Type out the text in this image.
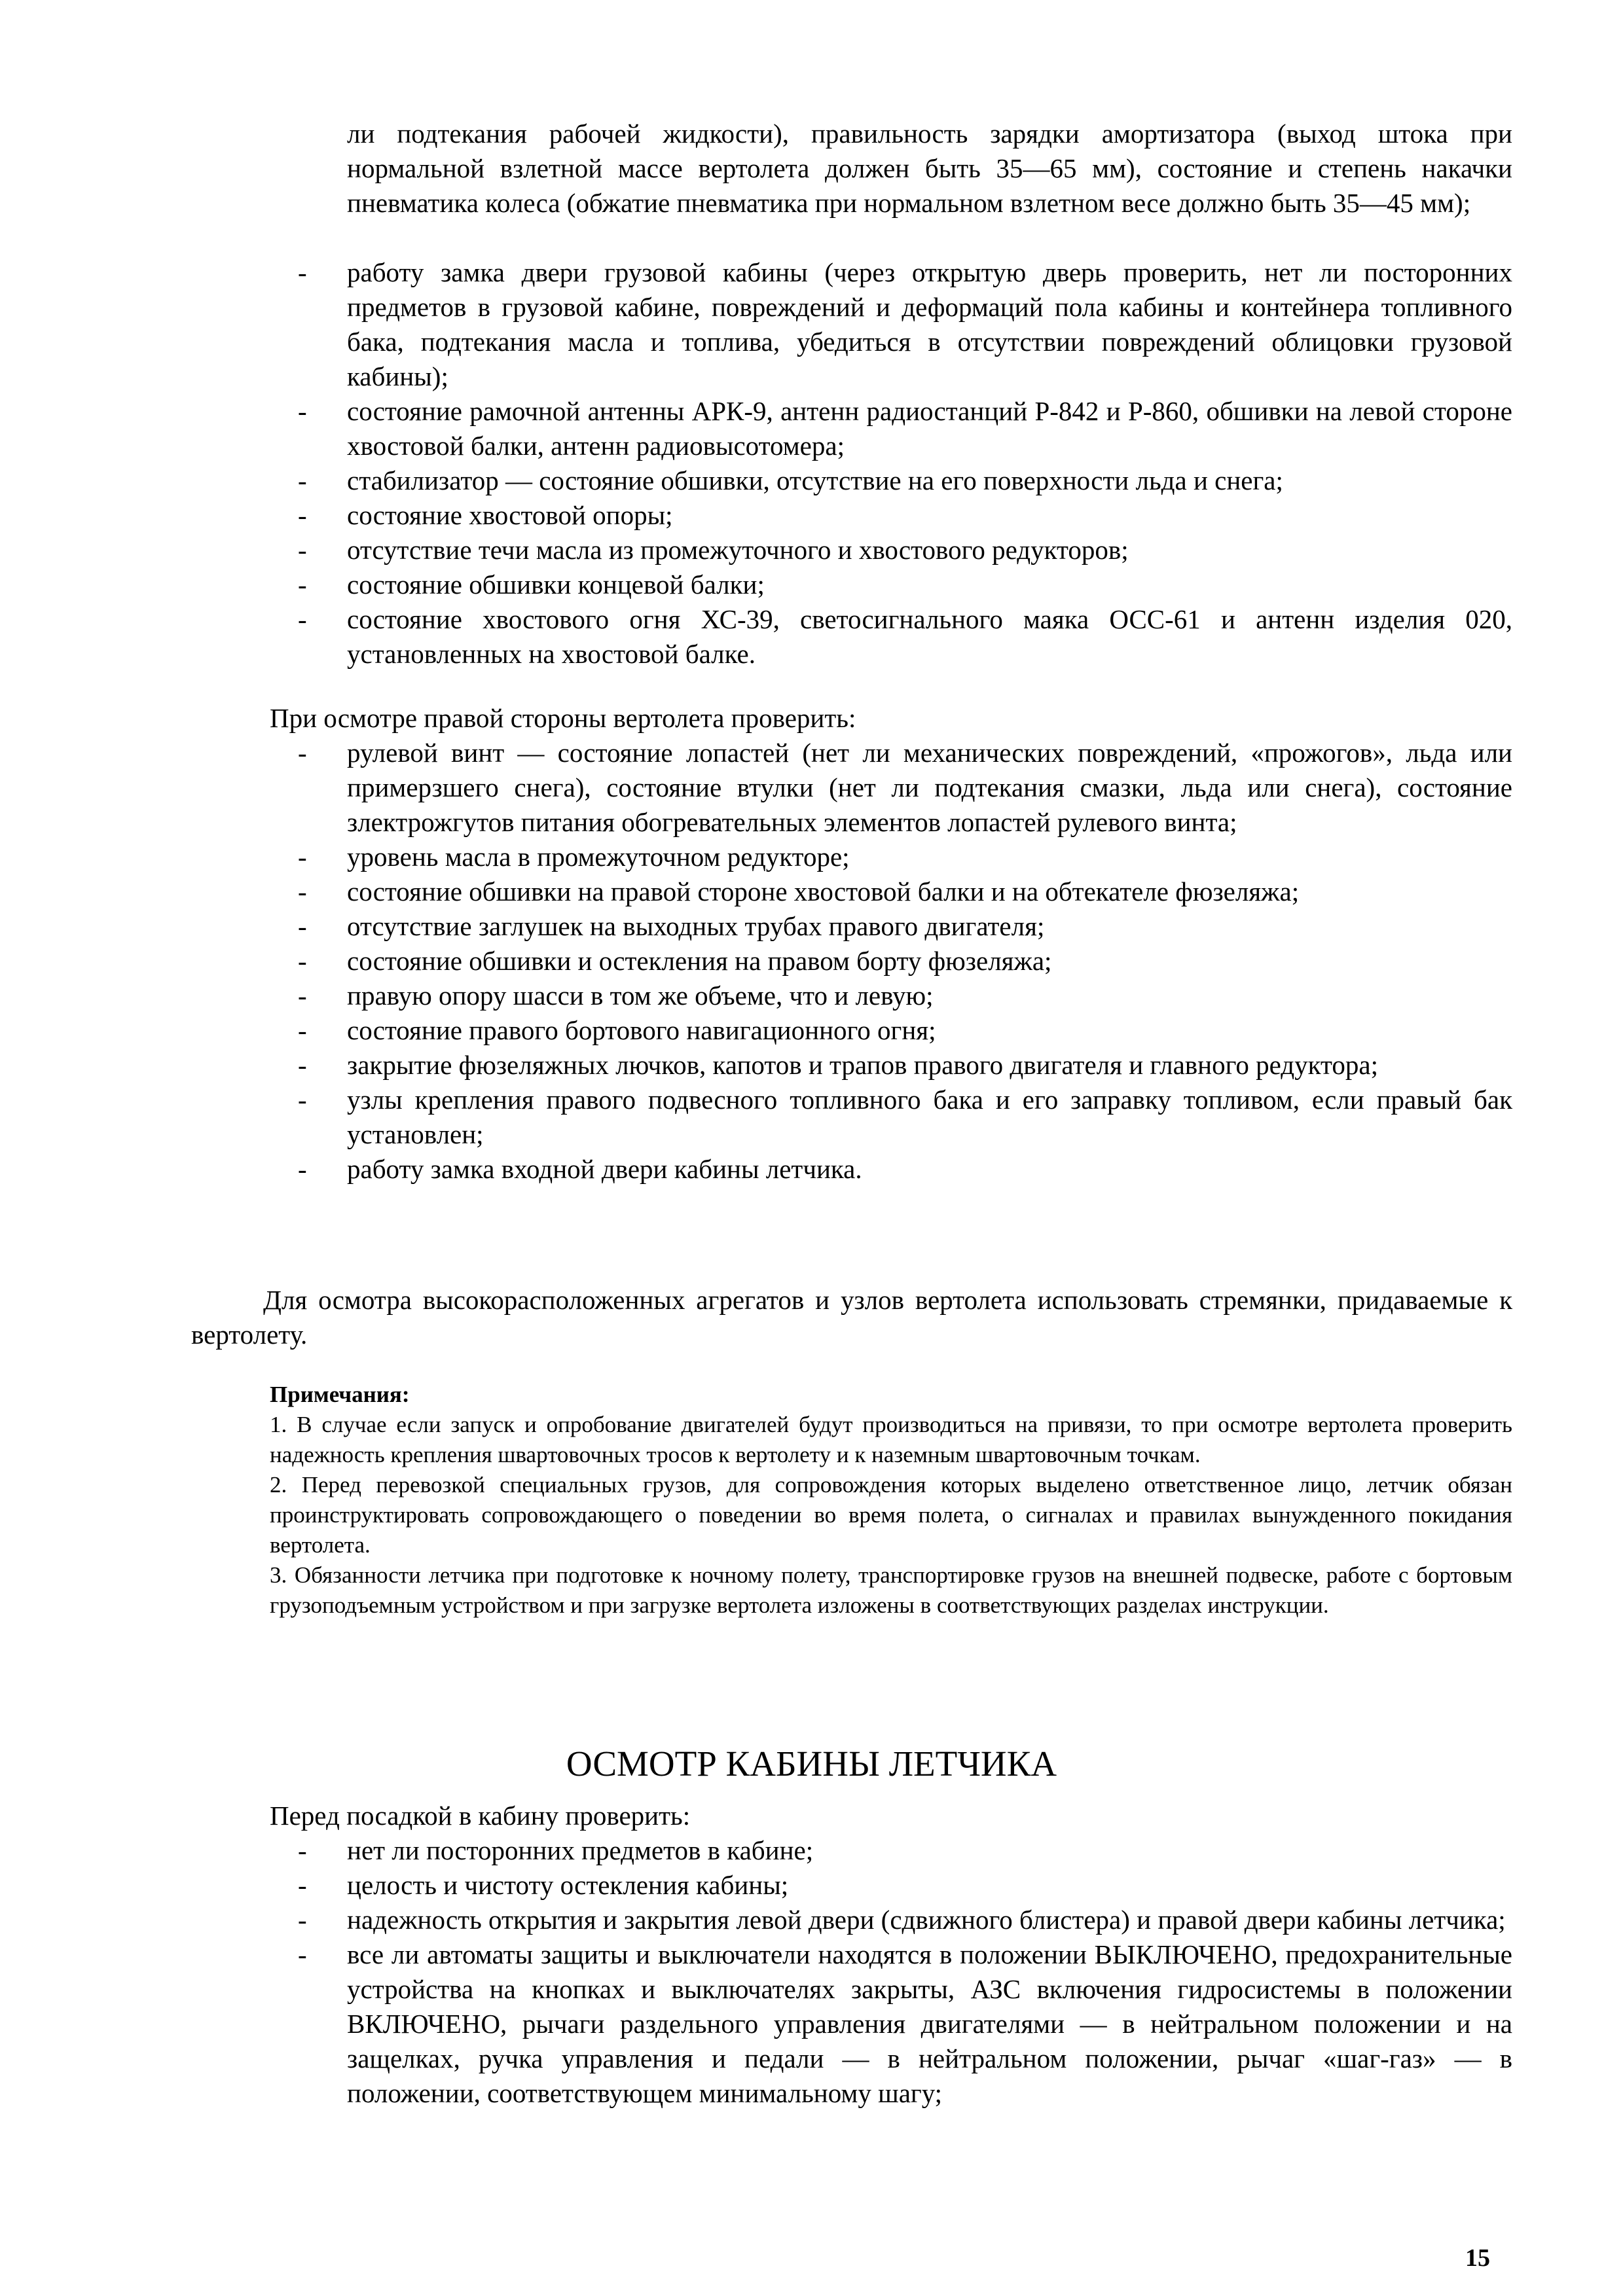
ли подтекания рабочей жидкости), правильность зарядки амортизатора (выход штока при нормальной взлетной массе вертолета должен быть 35—65 мм), состояние и степень накачки пневматика колеса (обжатие пневматика при нормальном взлетном весе должно быть 35—45 мм);

- работу замка двери грузовой кабины (через открытую дверь проверить, нет ли посторонних предметов в грузовой кабине, повреждений и деформаций пола кабины и контейнера топливного бака, подтекания масла и топлива, убедиться в отсутствии повреждений облицовки грузовой кабины);
- состояние рамочной антенны АРК-9, антенн радиостанций Р-842 и Р-860, обшивки на левой стороне хвостовой балки, антенн радиовысотомера;
- стабилизатор — состояние обшивки, отсутствие на его поверхности льда и снега;
- состояние хвостовой опоры;
- отсутствие течи масла из промежуточного и хвостового редукторов;
- состояние обшивки концевой балки;
- состояние хвостового огня ХС-39, светосигнального маяка ОСС-61 и антенн изделия 020, установленных на хвостовой балке.

При осмотре правой стороны вертолета проверить:

- рулевой винт — состояние лопастей (нет ли механических повреждений, «прожогов», льда или примерзшего снега), состояние втулки (нет ли подтекания смазки, льда или снега), состояние злектрожгутов питания обогревательных элементов лопастей рулевого винта;
- уровень масла в промежуточном редукторе;
- состояние обшивки на правой стороне хвостовой балки и на обтекателе фюзеляжа;
- отсутствие заглушек на выходных трубах правого двигателя;
- состояние обшивки и остекления на правом борту фюзеляжа;
- правую опору шасси в том же объеме, что и левую;
- состояние правого бортового навигационного огня;
- закрытие фюзеляжных лючков, капотов и трапов правого двигателя и главного редуктора;
- узлы крепления правого подвесного топливного бака и его заправку топливом, если правый бак установлен;
- работу замка входной двери кабины летчика.

Для осмотра высокорасположенных агрегатов и узлов вертолета использовать стремянки, придаваемые к вертолету.

Примечания:

1. В случае если запуск и опробование двигателей будут производиться на привязи, то при осмотре вертолета проверить надежность крепления швартовочных тросов к вертолету и к наземным швартовочным точкам.

2. Перед перевозкой специальных грузов, для сопровождения которых выделено ответственное лицо, летчик обязан проинструктировать сопровождающего о поведении во время полета, о сигналах и правилах вынужденного покидания вертолета.

3. Обязанности летчика при подготовке к ночному полету, транспортировке грузов на внешней подвеске, работе с бортовым грузоподъемным устройством и при загрузке вертолета изложены в соответствующих разделах инструкции.

ОСМОТР КАБИНЫ ЛЕТЧИКА

Перед посадкой в кабину проверить:

- нет ли посторонних предметов в кабине;
- целость и чистоту остекления кабины;
- надежность открытия и закрытия левой двери (сдвижного блистера) и правой двери кабины летчика;
- все ли автоматы защиты и выключатели находятся в положении ВЫКЛЮЧЕНО, предохранительные устройства на кнопках и выключателях закрыты, АЗС включения гидросистемы в положении ВКЛЮЧЕНО, рычаги раздельного управления двигателями — в нейтральном положении и на защелках, ручка управления и педали — в нейтральном положении, рычаг «шаг-газ» — в положении, соответствующем минимальному шагу;
15
